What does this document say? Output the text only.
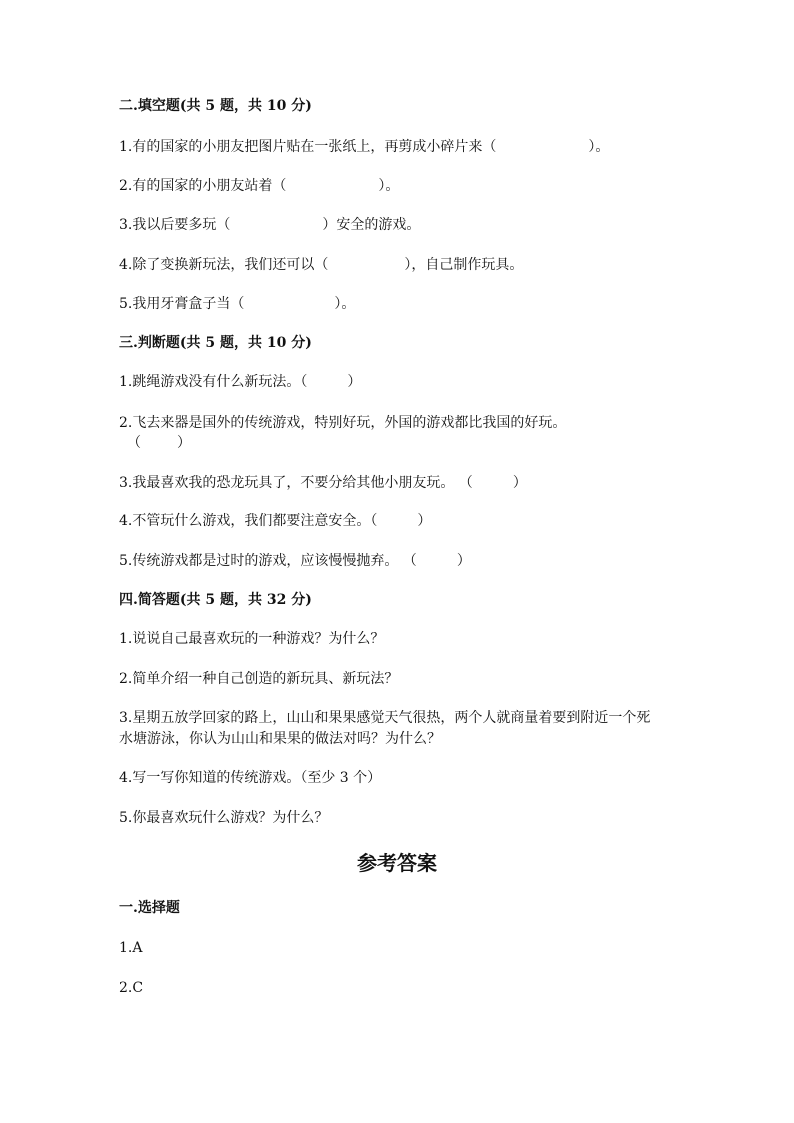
二.填空题(共 5 题，共 10 分)
1.有的国家的小朋友把图片贴在一张纸上，再剪成小碎片来（	）。
2.有的国家的小朋友站着（	）。
3.我以后要多玩（	）安全的游戏。
4.除了变换新玩法，我们还可以（	），自己制作玩具。
5.我用牙膏盒子当（	）。
三.判断题(共 5 题，共 10 分)
1.跳绳游戏没有什么新玩法。（	）
2.飞去来器是国外的传统游戏，特别好玩，外国的游戏都比我国的好玩。
（	）
3.我最喜欢我的恐龙玩具了，不要分给其他小朋友玩。 （	）
4.不管玩什么游戏，我们都要注意安全。（	）
5.传统游戏都是过时的游戏，应该慢慢抛弃。 （	）
四.简答题(共 5 题，共 32 分)
1.说说自己最喜欢玩的一种游戏？为什么？
2.简单介绍一种自己创造的新玩具、新玩法？
3.星期五放学回家的路上，山山和果果感觉天气很热，两个人就商量着要到附近一个死水塘游泳，你认为山山和果果的做法对吗？为什么？
4.写一写你知道的传统游戏。（至少 3 个）
5.你最喜欢玩什么游戏？为什么？
参考答案
一.选择题
1.A
2.C
